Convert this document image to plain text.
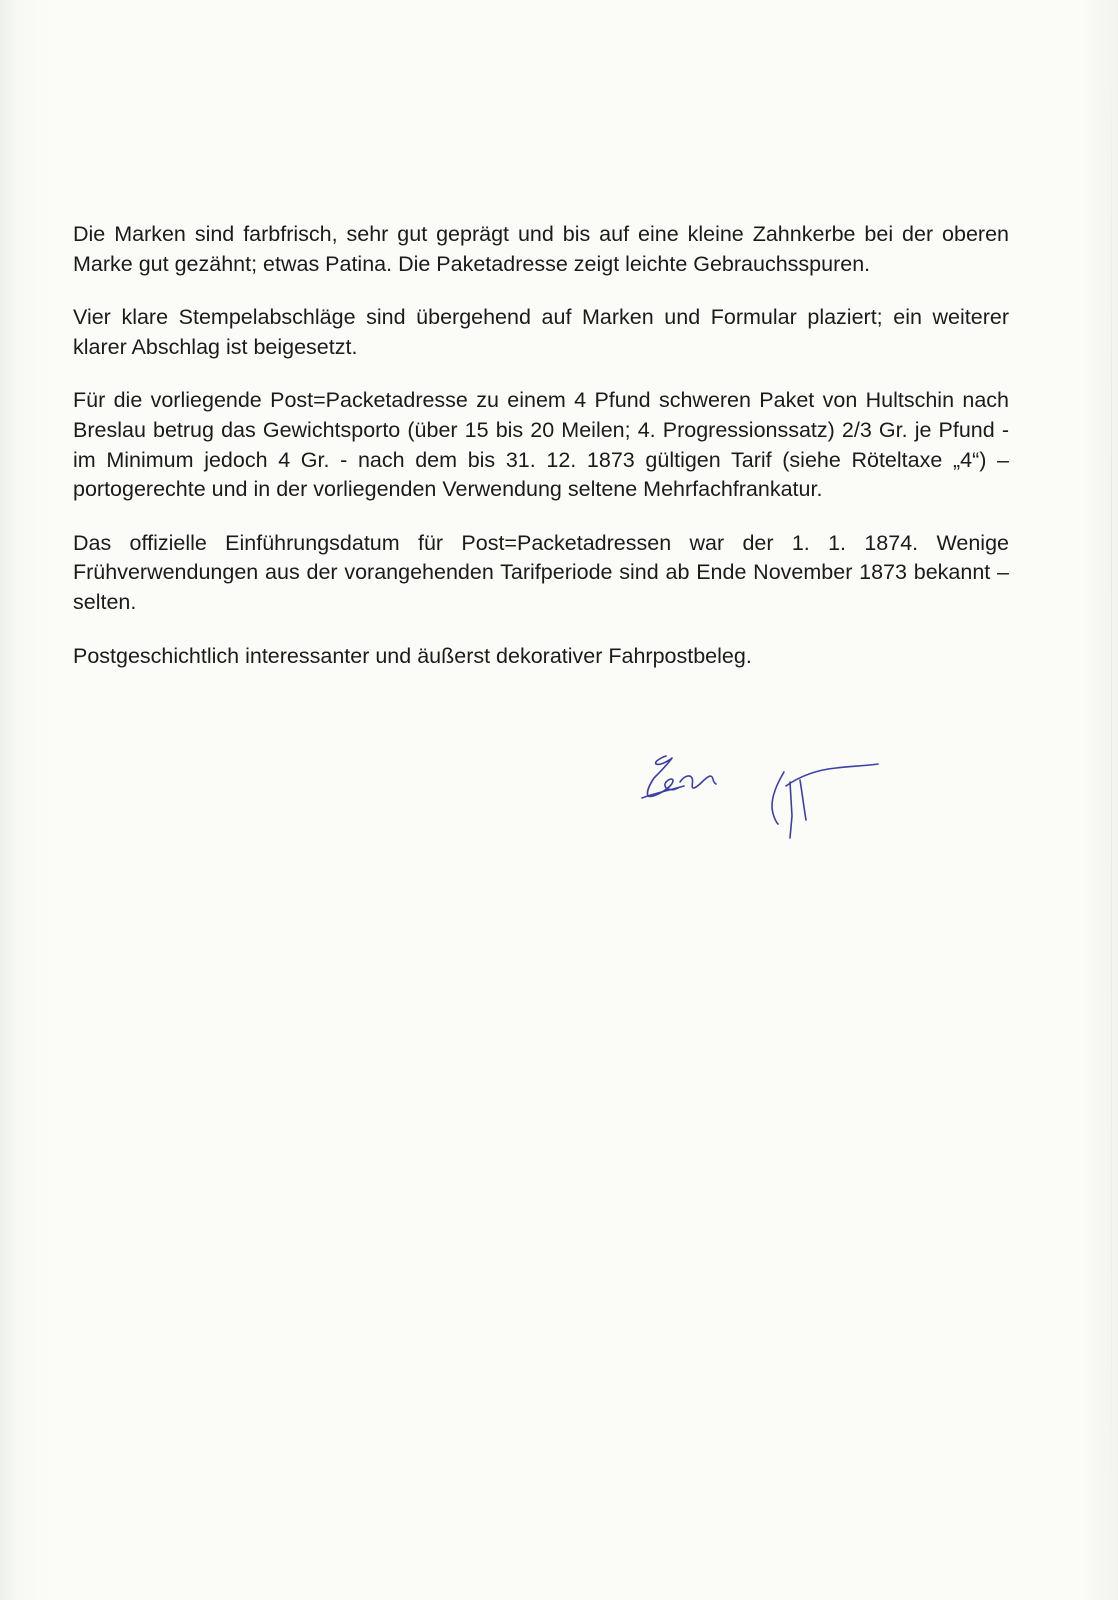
Die Marken sind farbfrisch, sehr gut geprägt und bis auf eine kleine Zahnkerbe bei der oberen Marke gut gezähnt; etwas Patina. Die Paketadresse zeigt leichte Gebrauchsspuren.

Vier klare Stempelabschläge sind übergehend auf Marken und Formular plaziert; ein weiterer klarer Abschlag ist beigesetzt.

Für die vorliegende Post=Packetadresse zu einem 4 Pfund schweren Paket von Hultschin nach Breslau betrug das Gewichtsporto (über 15 bis 20 Meilen; 4. Progressionssatz) 2/3 Gr. je Pfund - im Minimum jedoch 4 Gr. - nach dem bis 31. 12. 1873 gültigen Tarif (siehe Röteltaxe „4“) – portogerechte und in der vorliegenden Verwendung seltene Mehrfachfrankatur.

Das offizielle Einführungsdatum für Post=Packetadressen war der 1. 1. 1874. Wenige Frühverwendungen aus der vorangehenden Tarifperiode sind ab Ende November 1873 bekannt – selten.

Postgeschichtlich interessanter und äußerst dekorativer Fahrpostbeleg.
